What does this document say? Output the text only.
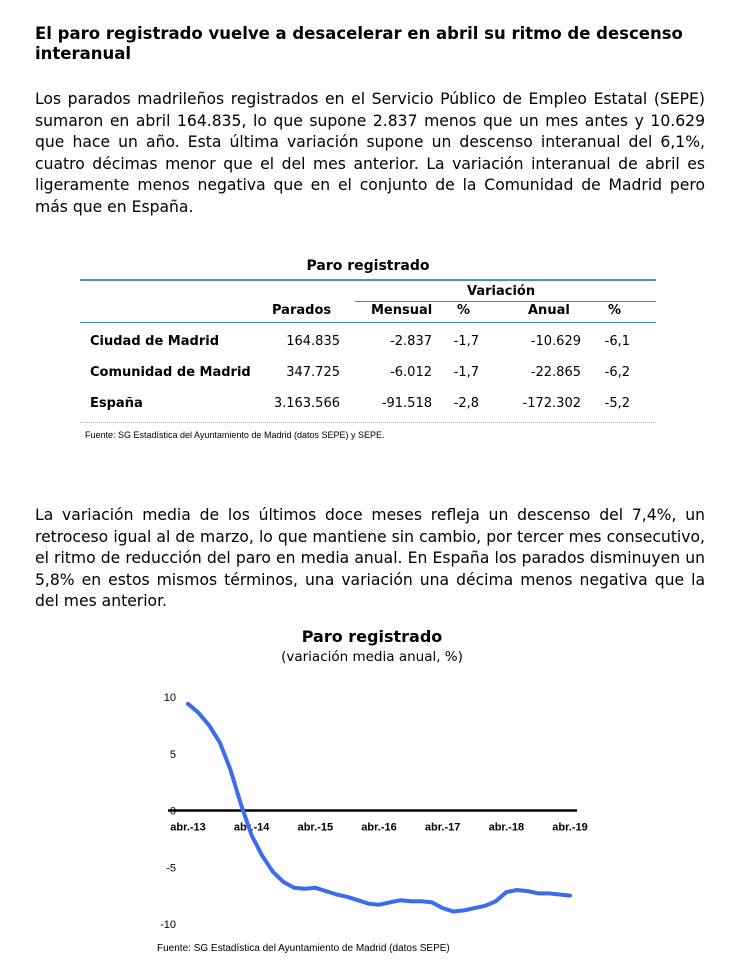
El paro registrado vuelve a desacelerar en abril su ritmo de descenso interanual
Los parados madrileños registrados en el Servicio Público de Empleo Estatal (SEPE) sumaron en abril 164.835, lo que supone 2.837 menos que un mes antes y 10.629 que hace un año. Esta última variación supone un descenso interanual del 6,1%, cuatro décimas menor que el del mes anterior. La variación interanual de abril es ligeramente menos negativa que en el conjunto de la Comunidad de Madrid pero más que en España.
Paro registrado
Variación
Parados	Mensual %	Anual	%
Ciudad de Madrid	164.835	-2.837 -1,7	-10.629 -6,1
Comunidad de Madrid	347.725	-6.012 -1,7	-22.865 -6,2
España	3.163.566	-91.518 -2,8	-172.302 -5,2
Fuente: SG Estadística del Ayuntamiento de Madrid (datos SEPE) y SEPE.
La variación media de los últimos doce meses refleja un descenso del 7,4%, un retroceso igual al de marzo, lo que mantiene sin cambio, por tercer mes consecutivo, el ritmo de reducción del paro en media anual. En España los parados disminuyen un 5,8% en estos mismos términos, una variación una décima menos negativa que la del mes anterior.
Paro registrado
(variación media anual, %)
10
5
0
-5
-10
abr.-13	abr.-14	abr.-15	abr.-16	abr.-17	abr.-18	abr.-19
Fuente: SG Estadística del Ayuntamiento de Madrid (datos SEPE)
